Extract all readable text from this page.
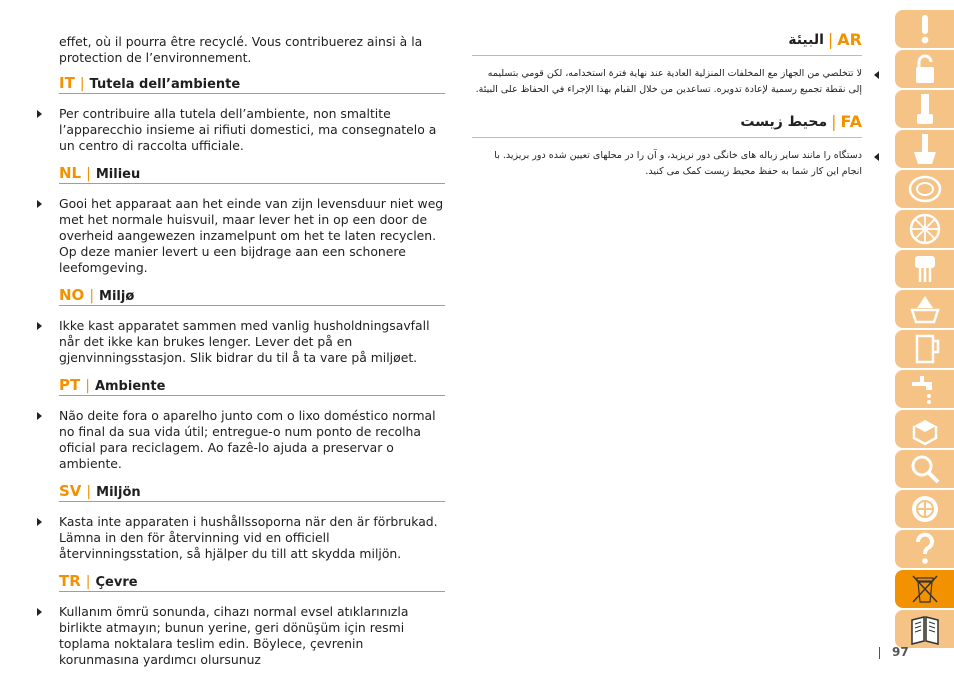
effet, où il pourra être recyclé. Vous contribuerez ainsi à la protection de l’environnement.

IT | Tutela dell’ambiente

Per contribuire alla tutela dell’ambiente, non smaltite l’apparecchio insieme ai rifiuti domestici, ma consegnatelo a un centro di raccolta ufficiale.

NL | Milieu

Gooi het apparaat aan het einde van zijn levensduur niet weg met het normale huisvuil, maar lever het in op een door de overheid aangewezen inzamelpunt om het te laten recyclen. Op deze manier levert u een bijdrage aan een schonere leefomgeving.

NO | Miljø

Ikke kast apparatet sammen med vanlig husholdningsavfall når det ikke kan brukes lenger. Lever det på en gjenvinningsstasjon. Slik bidrar du til å ta vare på miljøet.

PT | Ambiente

Não deite fora o aparelho junto com o lixo doméstico normal no final da sua vida útil; entregue-o num ponto de recolha oficial para reciclagem. Ao fazê-lo ajuda a preservar o ambiente.

SV | Miljön

Kasta inte apparaten i hushållssoporna när den är förbrukad. Lämna in den för återvinning vid en officiell återvinningsstation, så hjälper du till att skydda miljön.

TR | Çevre

Kullanım ömrü sonunda, cihazı normal evsel atıklarınızla birlikte atmayın; bunun yerine, geri dönüşüm için resmi toplama noktalara teslim edin. Böylece, çevrenin korunmasına yardımcı olursunuz

البيئة | AR

لا تتخلصي من الجهاز مع المخلفات المنزلية العادية عند نهاية فترة استخدامه، لكن قومي بتسليمه إلى نقطة تجميع رسمية لإعادة تدويره. تساعدين من خلال القيام بهذا الإجراء في الحفاظ على البيئة.

محیط زیست | FA

دستگاه را مانند سایر زباله های خانگی دور نریزید، و آن را در محلهای تعیین شده دور بریزید. با انجام این کار شما به حفظ محیط زیست کمک می کنید.

97
